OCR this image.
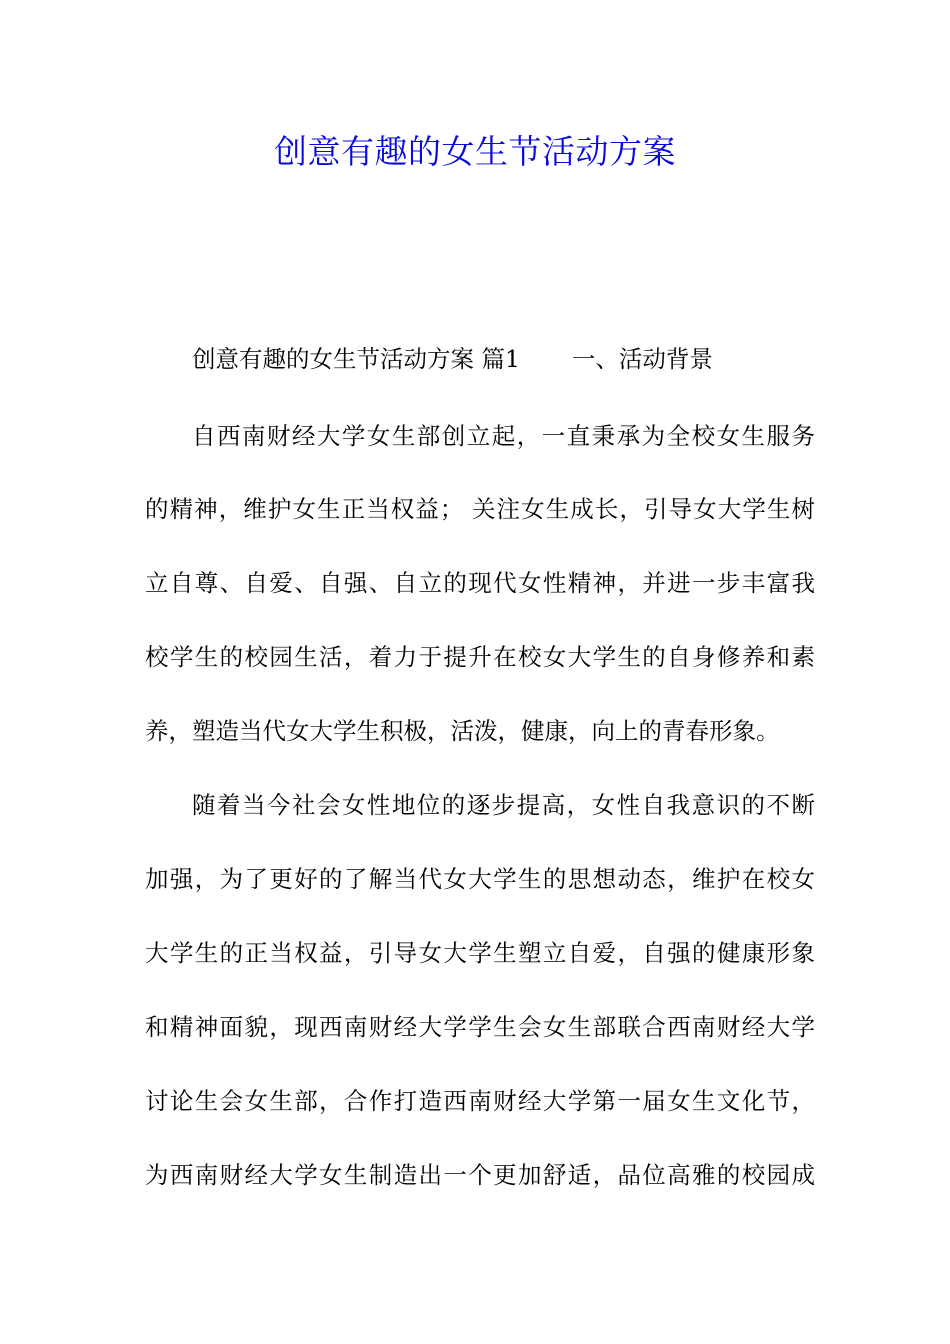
创意有趣的女生节活动方案
创意有趣的女生节活动方案 篇1 一、活动背景
自西南财经大学女生部创立起，一直秉承为全校女生服务
的精神，维护女生正当权益； 关注女生成长，引导女大学生树
立自尊、自爱、自强、自立的现代女性精神，并进一步丰富我
校学生的校园生活，着力于提升在校女大学生的自身修养和素
养，塑造当代女大学生积极，活泼，健康，向上的青春形象。
随着当今社会女性地位的逐步提高，女性自我意识的不断
加强，为了更好的了解当代女大学生的思想动态，维护在校女
大学生的正当权益，引导女大学生塑立自爱，自强的健康形象
和精神面貌，现西南财经大学学生会女生部联合西南财经大学
讨论生会女生部，合作打造西南财经大学第一届女生文化节，
为西南财经大学女生制造出一个更加舒适，品位高雅的校园成
